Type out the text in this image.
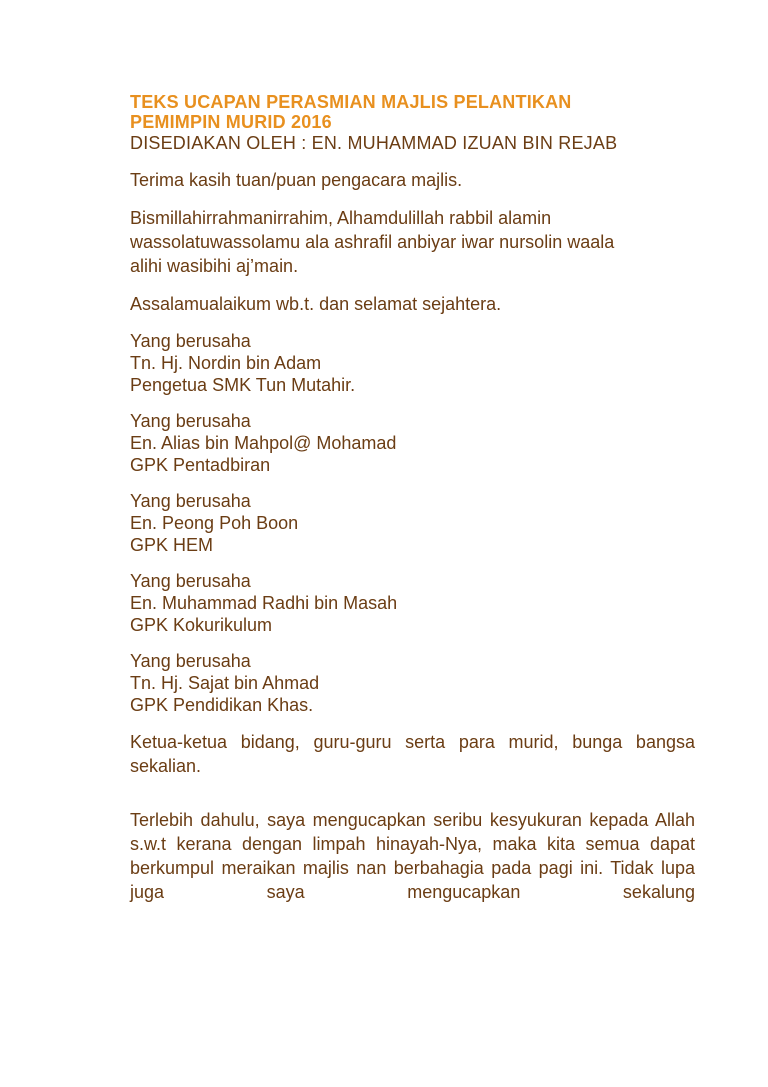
TEKS UCAPAN PERASMIAN MAJLIS PELANTIKAN

PEMIMPIN MURID 2016

DISEDIAKAN OLEH : EN. MUHAMMAD IZUAN BIN REJAB

Terima kasih tuan/puan pengacara majlis.

Bismillahirrahmanirrahim, Alhamdulillah rabbil alamin
wassolatuwassolamu ala ashrafil anbiyar iwar nursolin waala
alihi wasibihi aj’main.

Assalamualaikum wb.t. dan selamat sejahtera.

Yang berusaha
Tn. Hj. Nordin bin Adam
Pengetua SMK Tun Mutahir.
Yang berusaha
En. Alias bin Mahpol@ Mohamad
GPK Pentadbiran
Yang berusaha
En. Peong Poh Boon
GPK HEM
Yang berusaha
En. Muhammad Radhi bin Masah
GPK Kokurikulum
Yang berusaha
Tn. Hj. Sajat bin Ahmad
GPK Pendidikan Khas.

Ketua-ketua bidang, guru-guru serta para murid, bunga bangsa sekalian.

Terlebih dahulu, saya mengucapkan seribu kesyukuran kepada Allah s.w.t kerana dengan limpah hinayah-Nya, maka kita semua dapat berkumpul meraikan majlis nan berbahagia pada pagi ini. Tidak lupa juga saya mengucapkan sekalung
